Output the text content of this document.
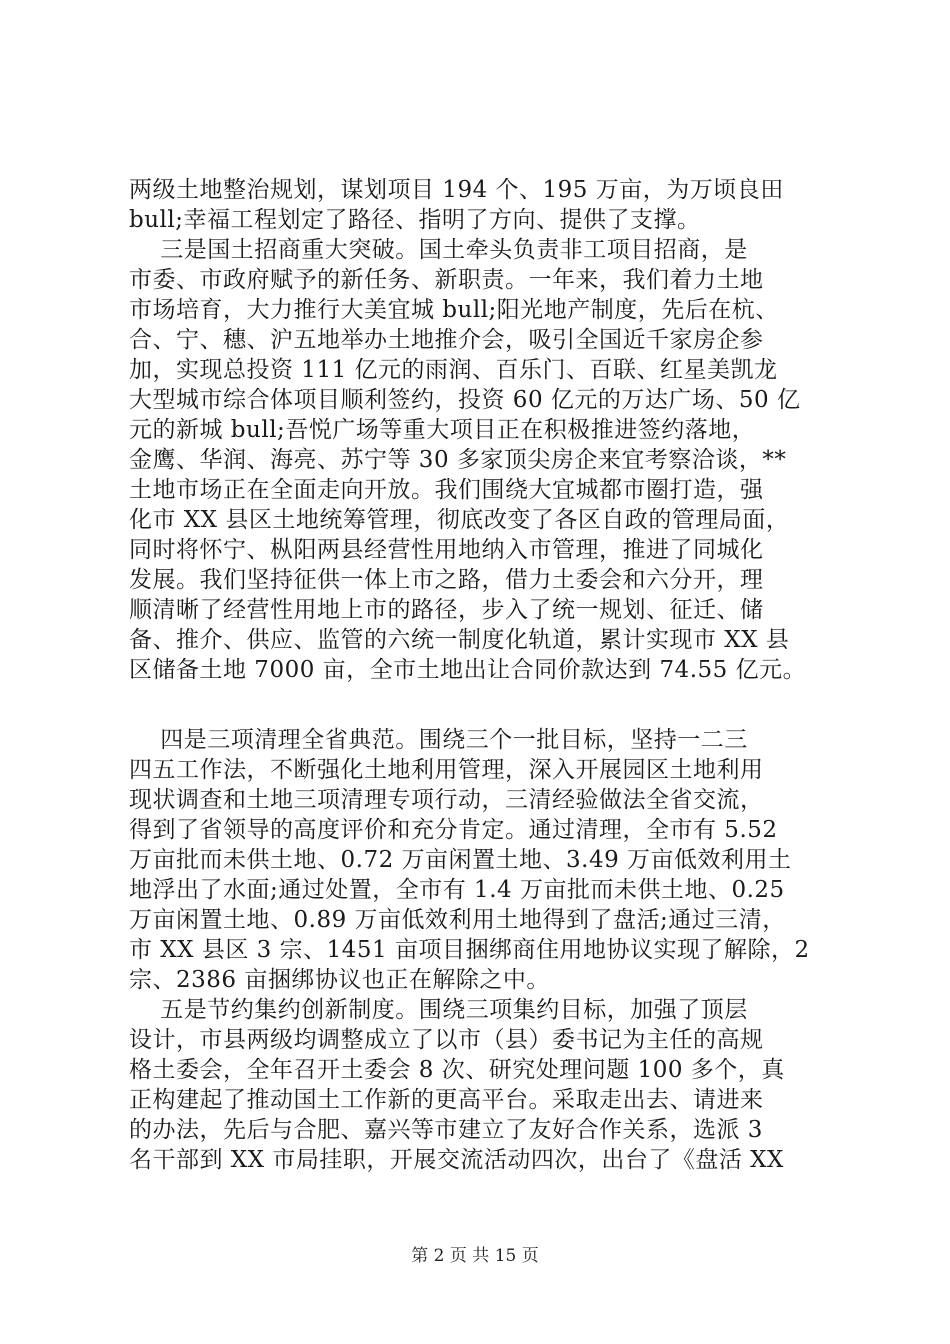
两级土地整治规划，谋划项目 194 个、195 万亩，为万顷良田
bull;幸福工程划定了路径、指明了方向、提供了支撑。
三是国土招商重大突破。国土牵头负责非工项目招商，是
市委、市政府赋予的新任务、新职责。一年来，我们着力土地
市场培育，大力推行大美宜城 bull;阳光地产制度，先后在杭、
合、宁、穗、沪五地举办土地推介会，吸引全国近千家房企参
加，实现总投资 111 亿元的雨润、百乐门、百联、红星美凯龙
大型城市综合体项目顺利签约，投资 60 亿元的万达广场、50 亿
元的新城 bull;吾悦广场等重大项目正在积极推进签约落地，
金鹰、华润、海亮、苏宁等 30 多家顶尖房企来宜考察洽谈，**
土地市场正在全面走向开放。我们围绕大宜城都市圈打造，强
化市 XX 县区土地统筹管理，彻底改变了各区自政的管理局面，
同时将怀宁、枞阳两县经营性用地纳入市管理，推进了同城化
发展。我们坚持征供一体上市之路，借力土委会和六分开，理
顺清晰了经营性用地上市的路径，步入了统一规划、征迁、储
备、推介、供应、监管的六统一制度化轨道，累计实现市 XX 县
区储备土地 7000 亩，全市土地出让合同价款达到 74.55 亿元。
四是三项清理全省典范。围绕三个一批目标，坚持一二三
四五工作法，不断强化土地利用管理，深入开展园区土地利用
现状调查和土地三项清理专项行动，三清经验做法全省交流，
得到了省领导的高度评价和充分肯定。通过清理，全市有 5.52
万亩批而未供土地、0.72 万亩闲置土地、3.49 万亩低效利用土
地浮出了水面;通过处置，全市有 1.4 万亩批而未供土地、0.25
万亩闲置土地、0.89 万亩低效利用土地得到了盘活;通过三清，
市 XX 县区 3 宗、1451 亩项目捆绑商住用地协议实现了解除，2
宗、2386 亩捆绑协议也正在解除之中。
五是节约集约创新制度。围绕三项集约目标，加强了顶层
设计，市县两级均调整成立了以市（县）委书记为主任的高规
格土委会，全年召开土委会 8 次、研究处理问题 100 多个，真
正构建起了推动国土工作新的更高平台。采取走出去、请进来
的办法，先后与合肥、嘉兴等市建立了友好合作关系，选派 3
名干部到 XX 市局挂职，开展交流活动四次，出台了《盘活 XX
第 2 页 共 15 页
